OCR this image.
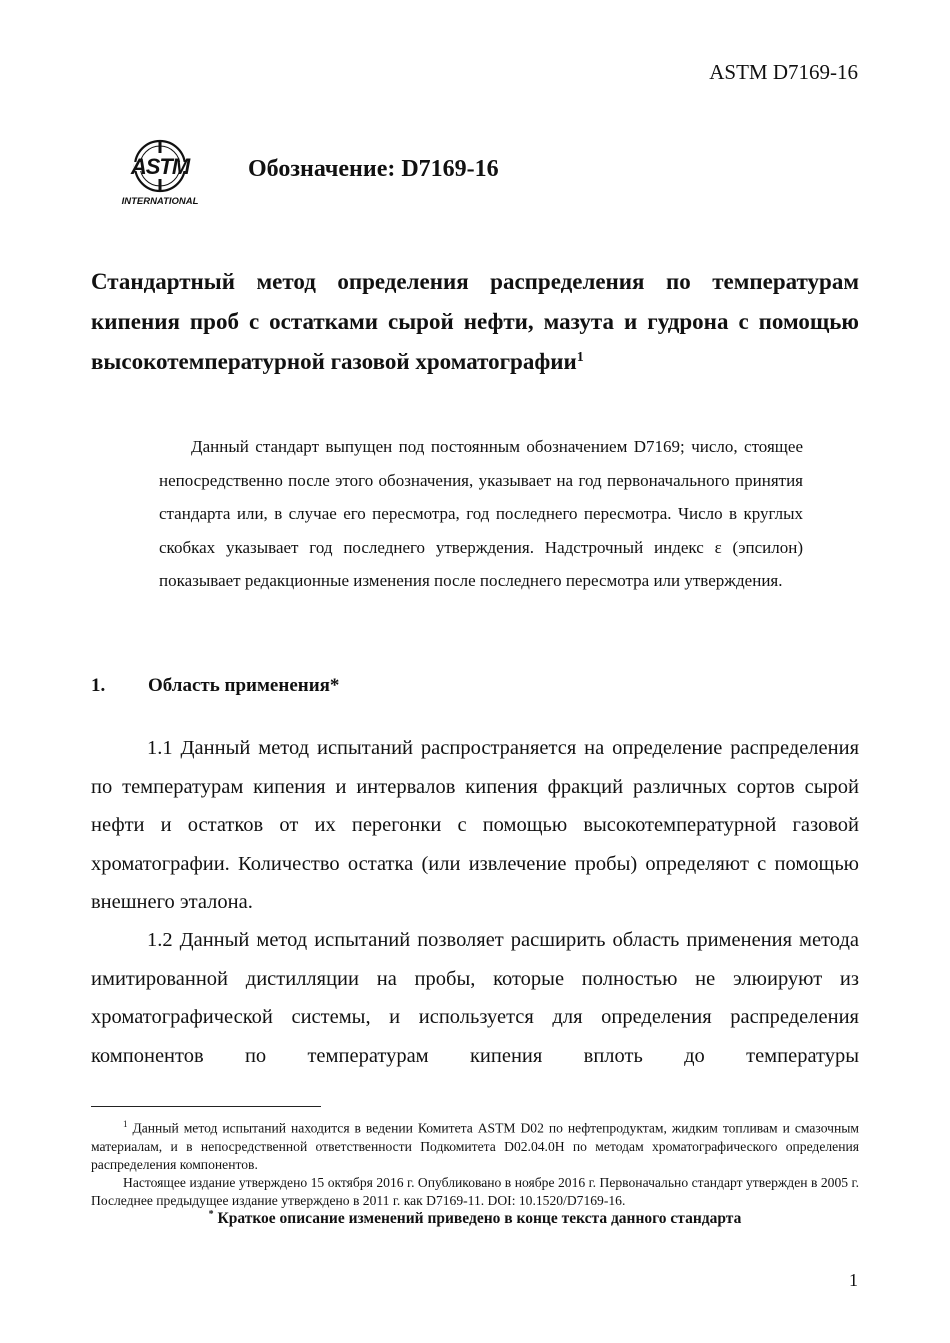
ASTM D7169-16
ASTM
INTERNATIONAL
Обозначение: D7169-16
Стандартный метод определения распределения по температурам кипения проб с остатками сырой нефти, мазута и гудрона с помощью высокотемпературной газовой хроматографии$^1$
Данный стандарт выпущен под постоянным обозначением D7169; число, стоящее непосредственно после этого обозначения, указывает на год первоначального принятия стандарта или, в случае его пересмотра, год последнего пересмотра. Число в круглых скобках указывает год последнего утверждения. Надстрочный индекс ε (эпсилон) показывает редакционные изменения после последнего пересмотра или утверждения.
1. Область применения*
1.1 Данный метод испытаний распространяется на определение распределения по температурам кипения и интервалов кипения фракций различных сортов сырой нефти и остатков от их перегонки с помощью высокотемпературной газовой хроматографии. Количество остатка (или извлечение пробы) определяют с помощью внешнего эталона.
1.2 Данный метод испытаний позволяет расширить область применения метода имитированной дистилляции на пробы, которые полностью не элюируют из хроматографической системы, и используется для определения распределения компонентов по температурам кипения вплоть до температуры

$^1$ Данный метод испытаний находится в ведении Комитета ASTM D02 по нефтепродуктам, жидким топливам и смазочным материалам, и в непосредственной ответственности Подкомитета D02.04.0H по методам хроматографического определения распределения компонентов.

Настоящее издание утверждено 15 октября 2016 г. Опубликовано в ноябре 2016 г. Первоначально стандарт утвержден в 2005 г. Последнее предыдущее издание утверждено в 2011 г. как D7169-11. DOI: 10.1520/D7169-16.

* Краткое описание изменений приведено в конце текста данного стандарта
1
